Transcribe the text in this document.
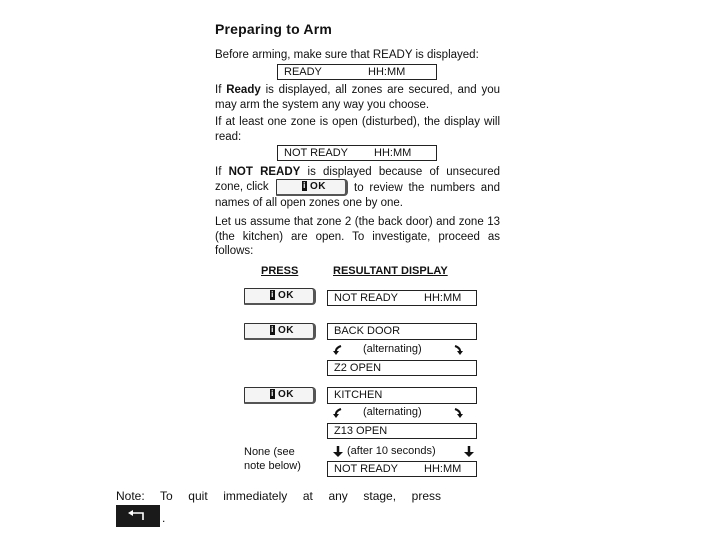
Preparing to Arm
Before arming, make sure that READY is displayed:
READY	HH:MM
If Ready is displayed, all zones are secured, and you may arm the system any way you choose.
If at least one zone is open (disturbed), the display will read:
NOT READY HH:MM
If NOT READY is displayed because of unsecured zone, click	i OK	to review the numbers and names of all open zones one by one.
Let us assume that zone 2 (the back door) and zone 13 (the kitchen) are open. To investigate, proceed as follows:
PRESS	RESULTANT DISPLAY
i OK	NOT READY HH:MM
i OK	BACK DOOR
(alternating)
Z2 OPEN
i OK	KITCHEN
(alternating)
Z13 OPEN
None (see note below)
(after 10 seconds)
NOT READY HH:MM
Note: To quit immediately at any stage, press
.
